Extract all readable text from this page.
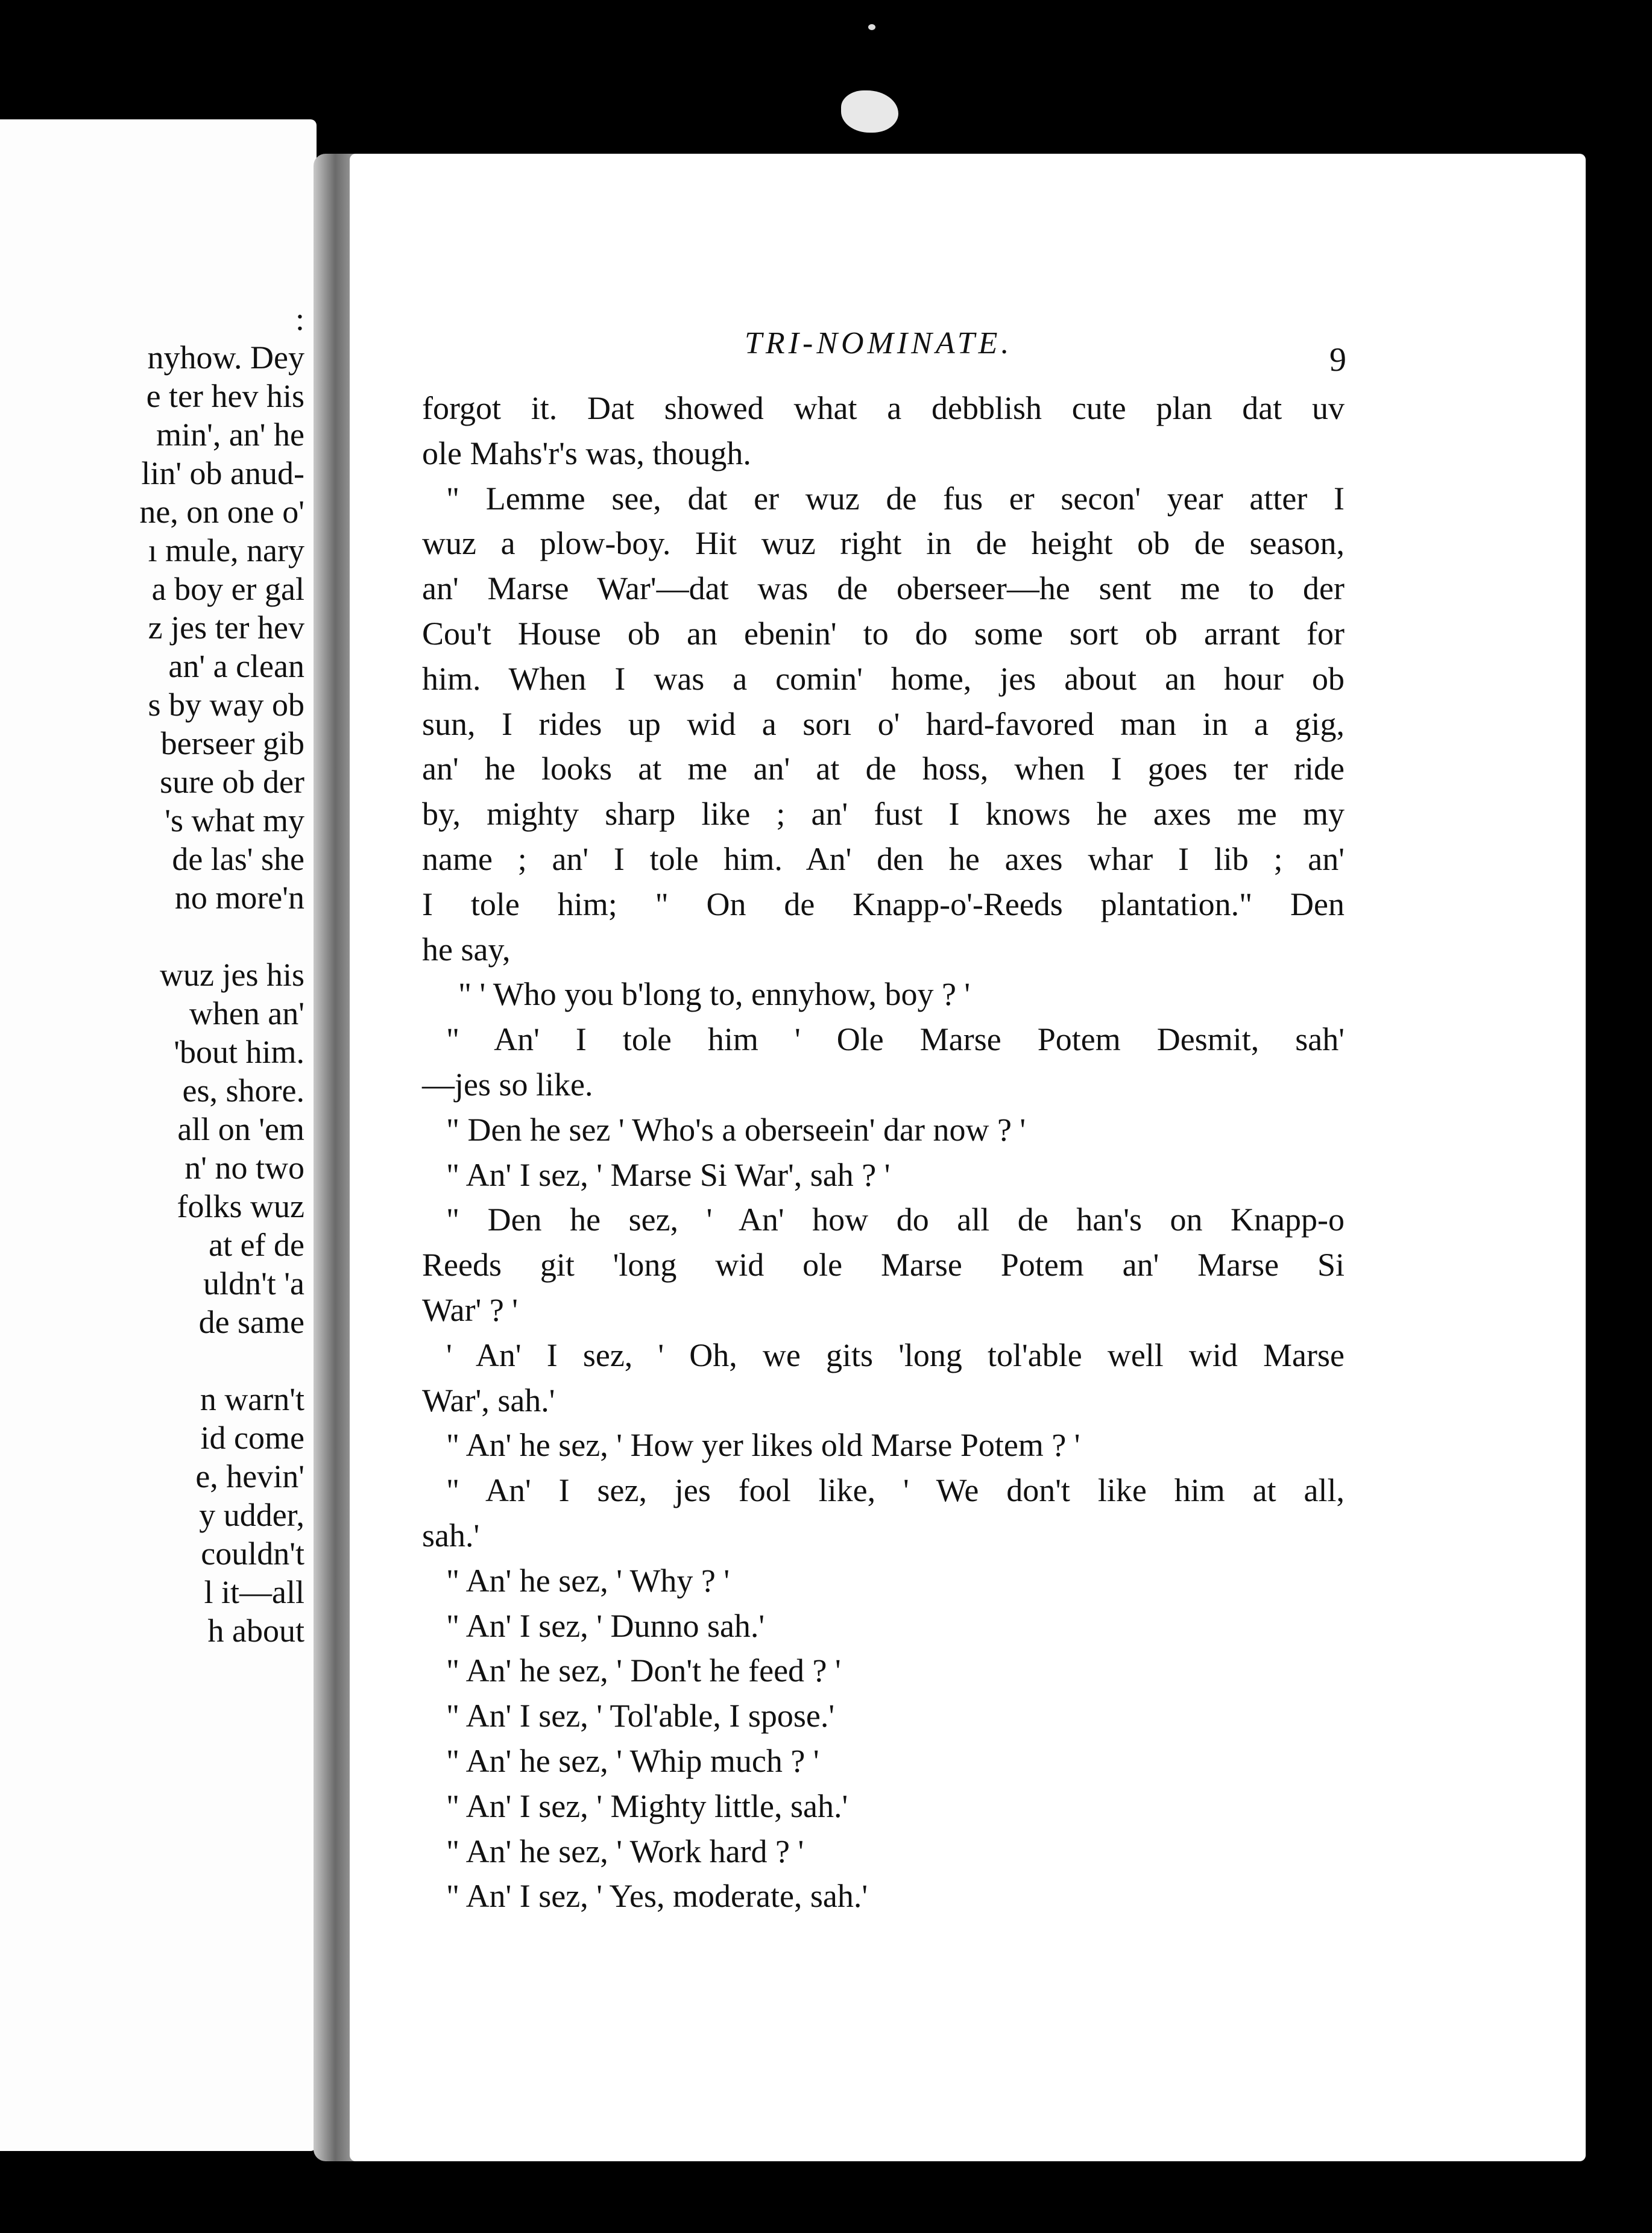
:
nyhow. Dey
e ter hev his
min', an' he
lin' ob anud-
ne, on one o'
ı mule, nary
a boy er gal
z jes ter hev
an' a clean
s by way ob
berseer gib
sure ob der
's what my
de las' she
no more'n
wuz jes his
when an'
'bout him.
es, shore.
all on 'em
n' no two
folks wuz
at ef de
uldn't 'a
de same
n warn't
id come
e, hevin'
y udder,
couldn't
l it—all
h about
TRI-NOMINATE.	9
forgot it. Dat showed what a debblish cute plan dat uv
ole Mahs'r's was, though.
" Lemme see, dat er wuz de fus er secon' year atter I
wuz a plow-boy. Hit wuz right in de height ob de season,
an' Marse War'—dat was de oberseer—he sent me to der
Cou't House ob an ebenin' to do some sort ob arrant for
him. When I was a comin' home, jes about an hour ob
sun, I rides up wid a sorı o' hard-favored man in a gig,
an' he looks at me an' at de hoss, when I goes ter ride
by, mighty sharp like ; an' fust I knows he axes me my
name ; an' I tole him. An' den he axes whar I lib ; an'
I tole him; " On de Knapp-o'-Reeds plantation." Den
he say,
" ' Who you b'long to, ennyhow, boy ? '
" An' I tole him ' Ole Marse Potem Desmit, sah'
—jes so like.
" Den he sez ' Who's a oberseein' dar now ? '
" An' I sez, ' Marse Si War', sah ? '
" Den he sez, ' An' how do all de han's on Knapp-o
Reeds git 'long wid ole Marse Potem an' Marse Si
War' ? '
' An' I sez, ' Oh, we gits 'long tol'able well wid Marse
War', sah.'
" An' he sez, ' How yer likes old Marse Potem ? '
" An' I sez, jes fool like, ' We don't like him at all,
sah.'
" An' he sez, ' Why ? '
" An' I sez, ' Dunno sah.'
" An' he sez, ' Don't he feed ? '
" An' I sez, ' Tol'able, I spose.'
" An' he sez, ' Whip much ? '
" An' I sez, ' Mighty little, sah.'
" An' he sez, ' Work hard ? '
" An' I sez, ' Yes, moderate, sah.'
